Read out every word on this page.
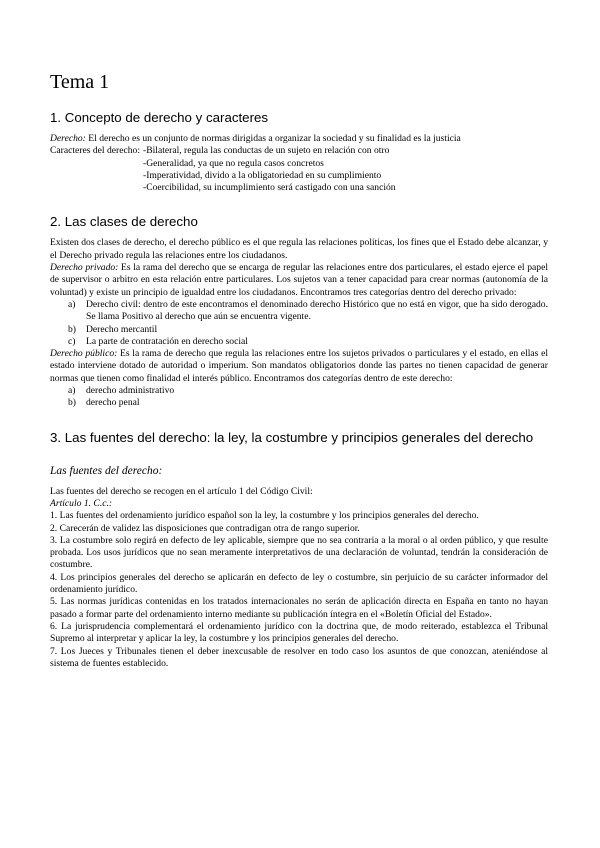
Tema 1
1. Concepto de derecho y caracteres

Derecho: El derecho es un conjunto de normas dirigidas a organizar la sociedad y su finalidad es la justicia

Caracteres del derecho: -Bilateral, regula las conductas de un sujeto en relación con otro
-Generalidad, ya que no regula casos concretos
-Imperatividad, divido a la obligatoriedad en su cumplimiento
-Coercibilidad, su incumplimiento será castigado con una sanción
2. Las clases de derecho

Existen dos clases de derecho, el derecho público es el que regula las relaciones políticas, los fines que el Estado debe alcanzar, y el Derecho privado regula las relaciones entre los ciudadanos.

Derecho privado: Es la rama del derecho que se encarga de regular las relaciones entre dos particulares, el estado ejerce el papel de supervisor o arbitro en esta relación entre particulares. Los sujetos van a tener capacidad para crear normas (autonomía de la voluntad) y existe un principio de igualdad entre los ciudadanos. Encontramos tres categorías dentro del derecho privado:

a) Derecho civil: dentro de este encontramos el denominado derecho Histórico que no está en vigor, que ha sido derogado. Se llama Positivo al derecho que aún se encuentra vigente.
b) Derecho mercantil
c) La parte de contratación en derecho social

Derecho público: Es la rama de derecho que regula las relaciones entre los sujetos privados o particulares y el estado, en ellas el estado interviene dotado de autoridad o imperium. Son mandatos obligatorios donde las partes no tienen capacidad de generar normas que tienen como finalidad el interés público. Encontramos dos categorías dentro de este derecho:

a) derecho administrativo
b) derecho penal
3. Las fuentes del derecho: la ley, la costumbre y principios generales del derecho
Las fuentes del derecho:

Las fuentes del derecho se recogen en el artículo 1 del Código Civil:

Artículo 1. C.c.:

1. Las fuentes del ordenamiento jurídico español son la ley, la costumbre y los principios generales del derecho.

2. Carecerán de validez las disposiciones que contradigan otra de rango superior.

3. La costumbre solo regirá en defecto de ley aplicable, siempre que no sea contraria a la moral o al orden público, y que resulte probada. Los usos jurídicos que no sean meramente interpretativos de una declaración de voluntad, tendrán la consideración de costumbre.

4. Los principios generales del derecho se aplicarán en defecto de ley o costumbre, sin perjuicio de su carácter informador del ordenamiento jurídico.

5. Las normas jurídicas contenidas en los tratados internacionales no serán de aplicación directa en España en tanto no hayan pasado a formar parte del ordenamiento interno mediante su publicación íntegra en el «Boletín Oficial del Estado».

6. La jurisprudencia complementará el ordenamiento jurídico con la doctrina que, de modo reiterado, establezca el Tribunal Supremo al interpretar y aplicar la ley, la costumbre y los principios generales del derecho.

7. Los Jueces y Tribunales tienen el deber inexcusable de resolver en todo caso los asuntos de que conozcan, ateniéndose al sistema de fuentes establecido.
